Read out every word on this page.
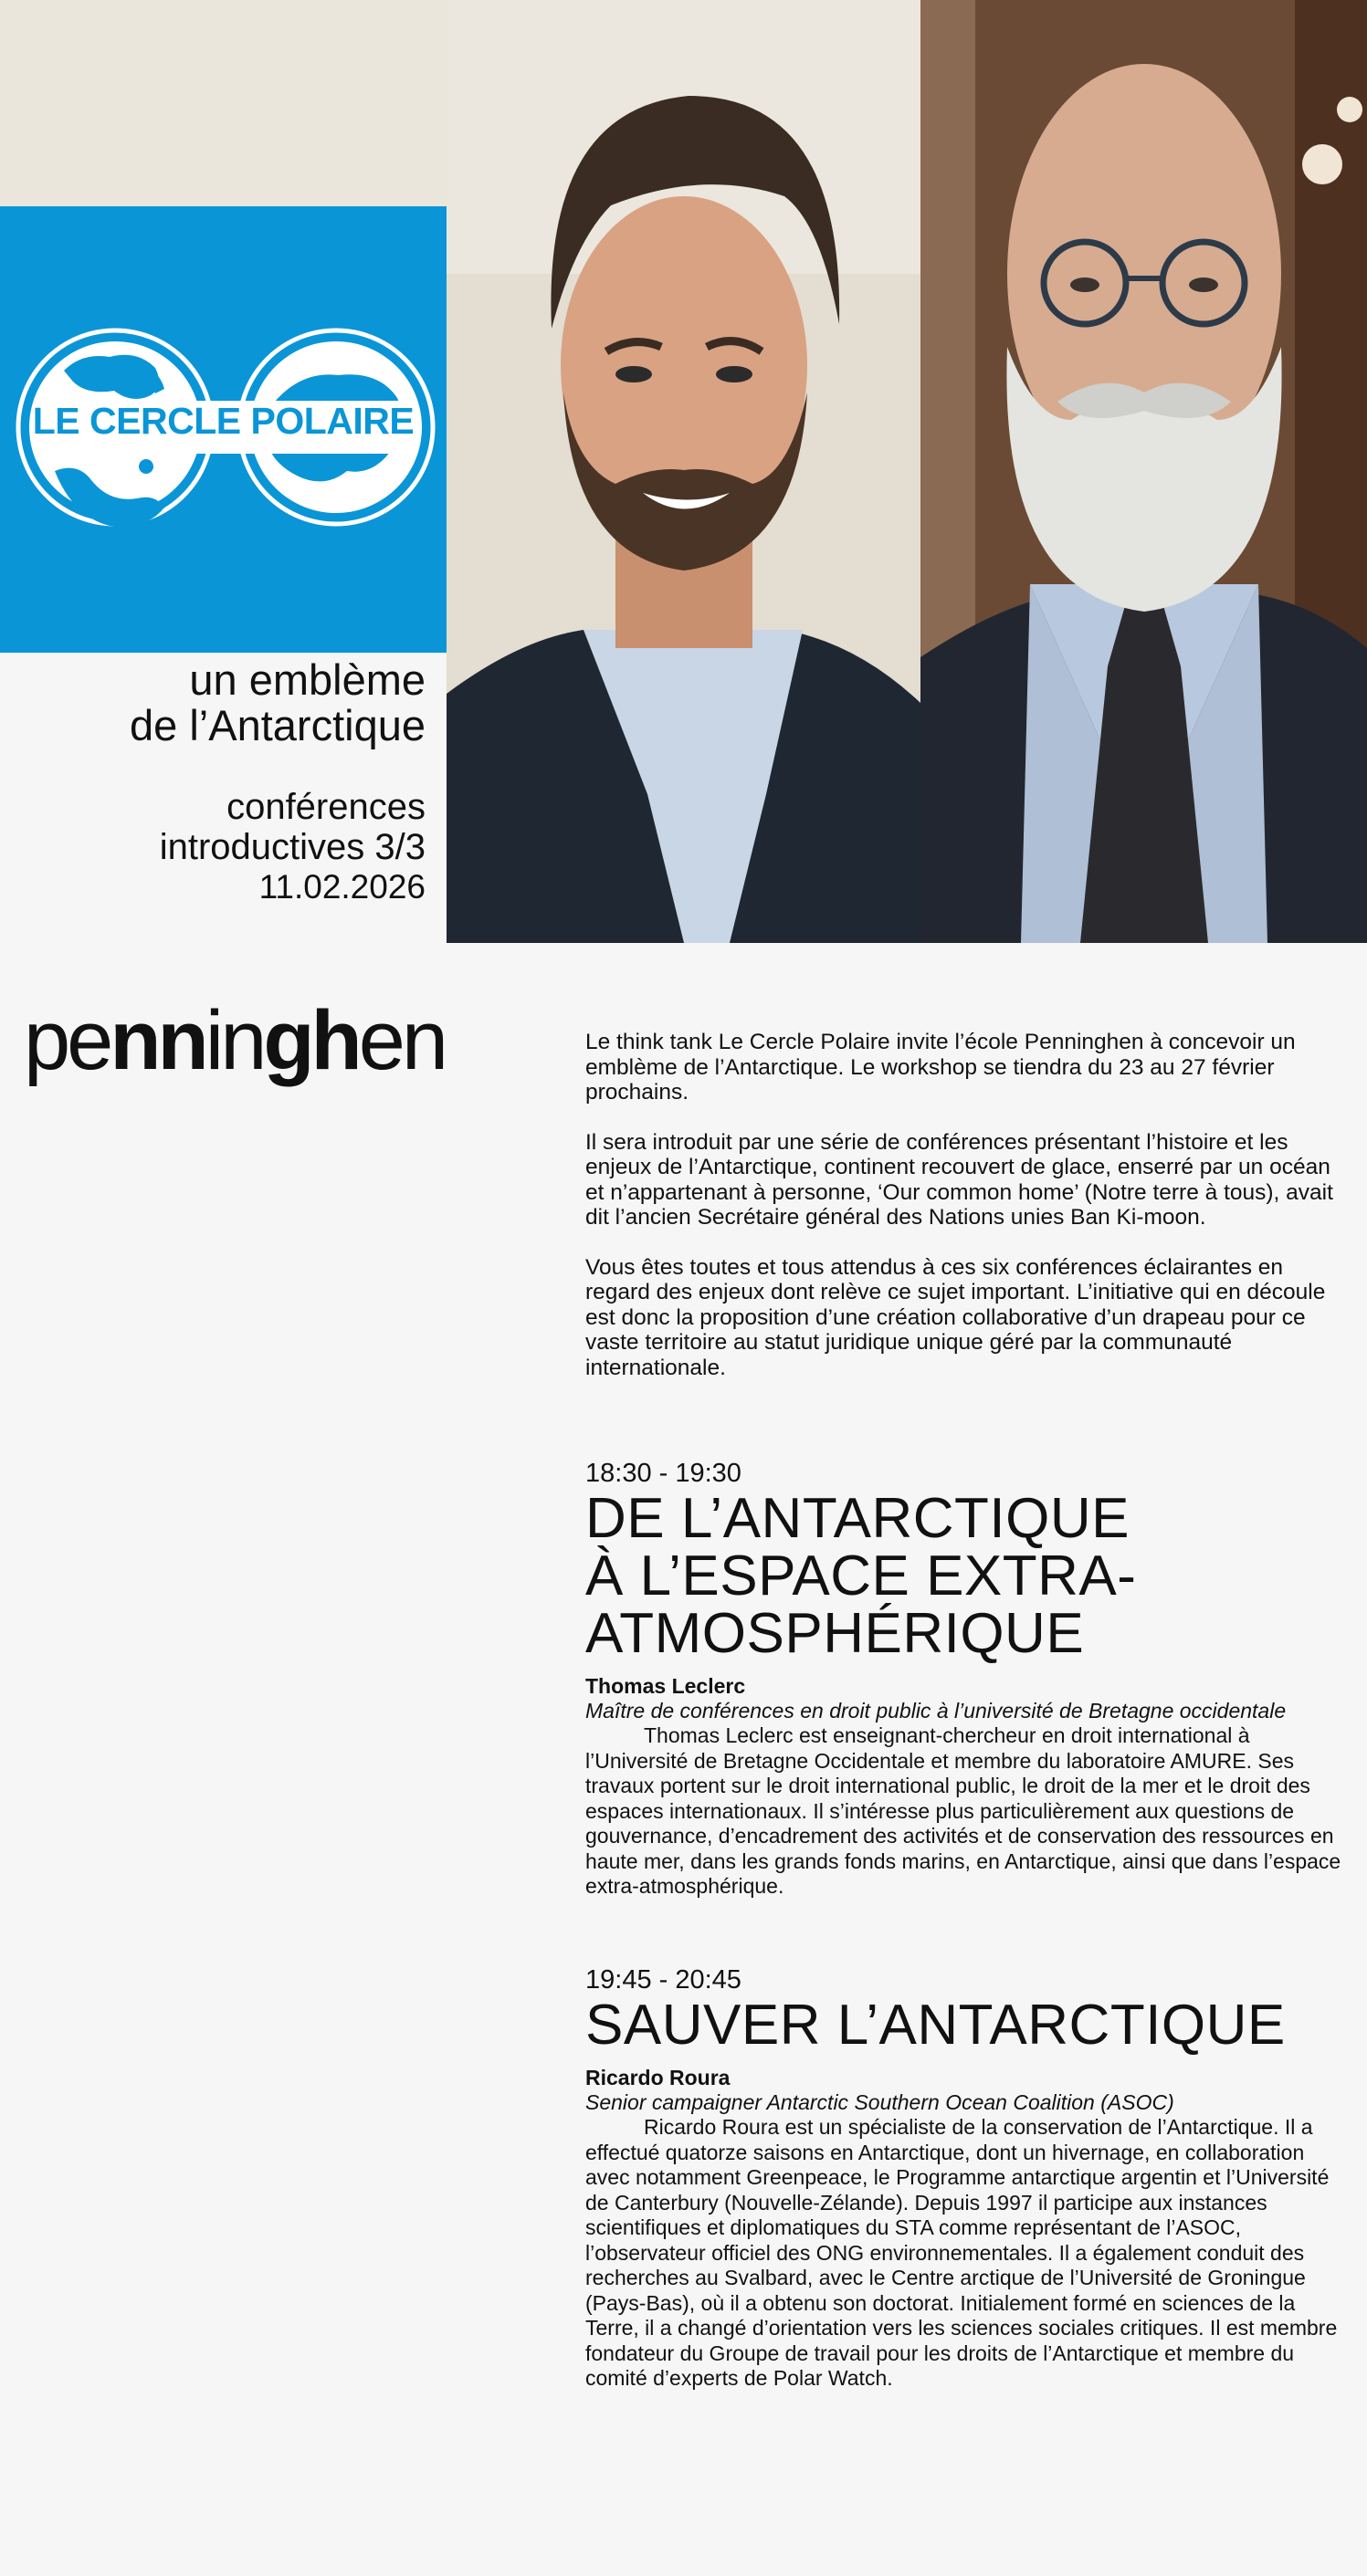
LE CERCLE POLAIRE
un emblème
de l’Antarctique
conférences
introductives 3/3
11.02.2026
penninghen	Le think tank Le Cercle Polaire invite l’école Penninghen à concevoir un emblème de l’Antarctique. Le workshop se tiendra du 23 au 27 février prochains.

Il sera introduit par une série de conférences présentant l’histoire et les enjeux de l’Antarctique, continent recouvert de glace, enserré par un océan et n’appartenant à personne, ‘Our common home’ (Notre terre à tous), avait dit l’ancien Secrétaire général des Nations unies Ban Ki-moon.

Vous êtes toutes et tous attendus à ces six conférences éclairantes en regard des enjeux dont relève ce sujet important. L’initiative qui en découle est donc la proposition d’une création collaborative d’un drapeau pour ce vaste territoire au statut juridique unique géré par la communauté internationale.

18:30 - 19:30
DE L’ANTARCTIQUE
À L’ESPACE EXTRA-
ATMOSPHÉRIQUE
Thomas Leclerc
Maître de conférences en droit public à l’université de Bretagne occidentale
Thomas Leclerc est enseignant-chercheur en droit international à l’Université de Bretagne Occidentale et membre du laboratoire AMURE. Ses travaux portent sur le droit international public, le droit de la mer et le droit des espaces internationaux. Il s’intéresse plus particulièrement aux questions de gouvernance, d’encadrement des activités et de conservation des ressources en haute mer, dans les grands fonds marins, en Antarctique, ainsi que dans l’espace extra-atmosphérique.
19:45 - 20:45
SAUVER L’ANTARCTIQUE
Ricardo Roura
Senior campaigner Antarctic Southern Ocean Coalition (ASOC)
Ricardo Roura est un spécialiste de la conservation de l’Antarctique. Il a effectué quatorze saisons en Antarctique, dont un hivernage, en collaboration avec notamment Greenpeace, le Programme antarctique argentin et l’Université de Canterbury (Nouvelle-Zélande). Depuis 1997 il participe aux instances scientifiques et diplomatiques du STA comme représentant de l’ASOC, l’observateur officiel des ONG environnementales. Il a également conduit des recherches au Svalbard, avec le Centre arctique de l’Université de Groningue (Pays-Bas), où il a obtenu son doctorat. Initialement formé en sciences de la Terre, il a changé d’orientation vers les sciences sociales critiques. Il est membre fondateur du Groupe de travail pour les droits de l’Antarctique et membre du comité d’experts de Polar Watch.
